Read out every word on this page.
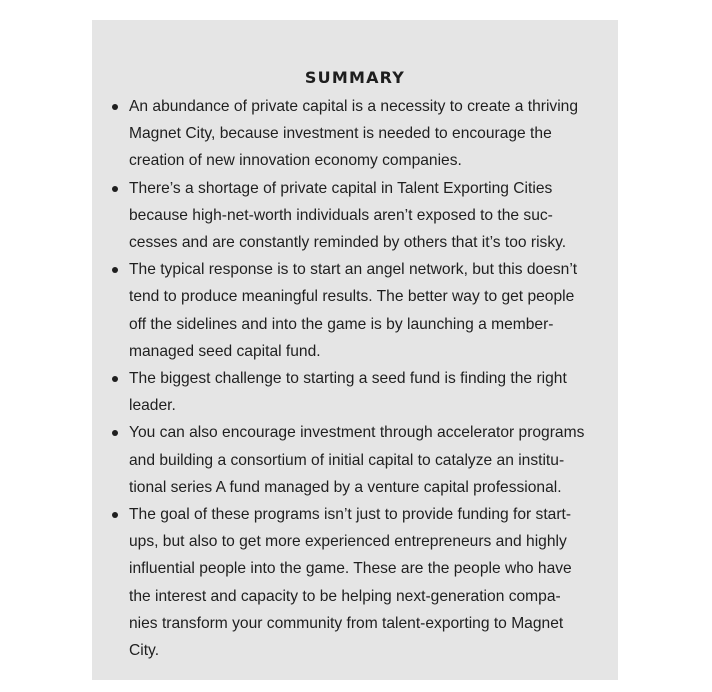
SUMMARY
An abundance of private capital is a necessity to create a thriving
Magnet City, because investment is needed to encourage the
creation of new innovation economy companies.
There’s a shortage of private capital in Talent Exporting Cities
because high-net-worth individuals aren’t exposed to the suc-
cesses and are constantly reminded by others that it’s too risky.
The typical response is to start an angel network, but this doesn’t
tend to produce meaningful results. The better way to get people
off the sidelines and into the game is by launching a member-
managed seed capital fund.
The biggest challenge to starting a seed fund is finding the right
leader.
You can also encourage investment through accelerator programs
and building a consortium of initial capital to catalyze an institu-
tional series A fund managed by a venture capital professional.
The goal of these programs isn’t just to provide funding for start-
ups, but also to get more experienced entrepreneurs and highly
influential people into the game. These are the people who have
the interest and capacity to be helping next-generation compa-
nies transform your community from talent-exporting to Magnet
City.
